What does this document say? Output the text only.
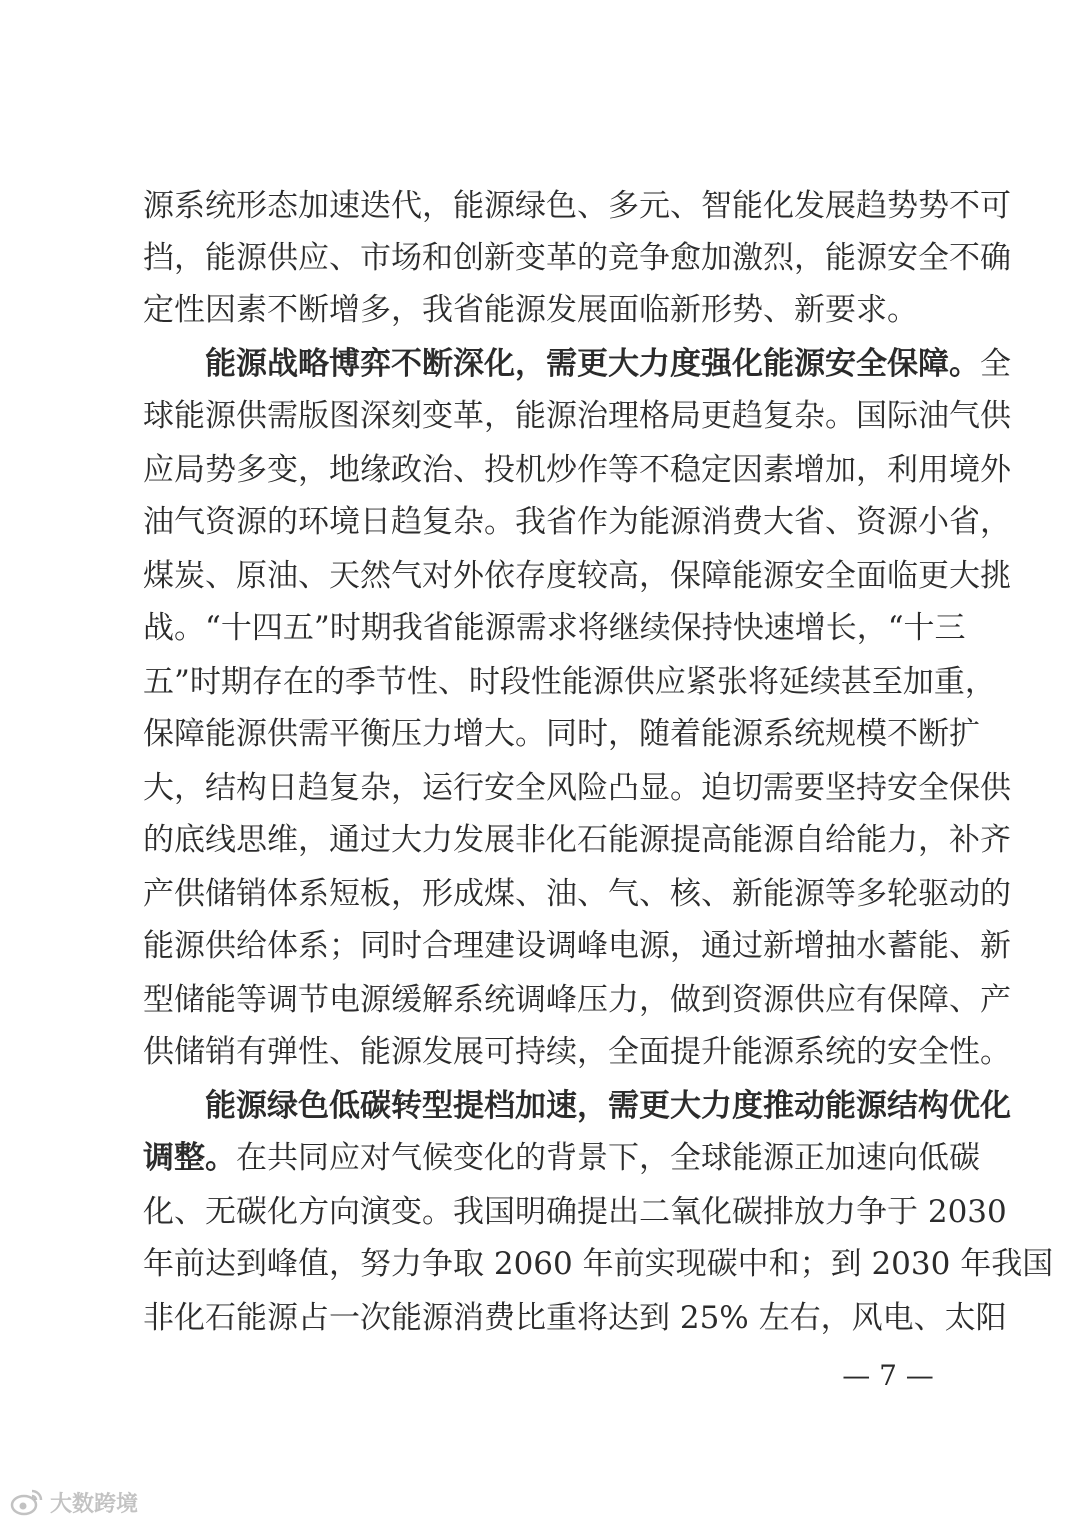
源系统形态加速迭代，能源绿色、多元、智能化发展趋势势不可
挡，能源供应、市场和创新变革的竞争愈加激烈，能源安全不确
定性因素不断增多，我省能源发展面临新形势、新要求。
　　能源战略博弈不断深化，需更大力度强化能源安全保障。全
球能源供需版图深刻变革，能源治理格局更趋复杂。国际油气供
应局势多变，地缘政治、投机炒作等不稳定因素增加，利用境外
油气资源的环境日趋复杂。我省作为能源消费大省、资源小省，
煤炭、原油、天然气对外依存度较高，保障能源安全面临更大挑
战。“十四五”时期我省能源需求将继续保持快速增长，“十三
五”时期存在的季节性、时段性能源供应紧张将延续甚至加重，
保障能源供需平衡压力增大。同时，随着能源系统规模不断扩
大，结构日趋复杂，运行安全风险凸显。迫切需要坚持安全保供
的底线思维，通过大力发展非化石能源提高能源自给能力，补齐
产供储销体系短板，形成煤、油、气、核、新能源等多轮驱动的
能源供给体系；同时合理建设调峰电源，通过新增抽水蓄能、新
型储能等调节电源缓解系统调峰压力，做到资源供应有保障、产
供储销有弹性、能源发展可持续，全面提升能源系统的安全性。
　　能源绿色低碳转型提档加速，需更大力度推动能源结构优化
调整。在共同应对气候变化的背景下，全球能源正加速向低碳
化、无碳化方向演变。我国明确提出二氧化碳排放力争于 2030
年前达到峰值，努力争取 2060 年前实现碳中和；到 2030 年我国
非化石能源占一次能源消费比重将达到 25% 左右，风电、太阳
— 7 —
大数跨境
